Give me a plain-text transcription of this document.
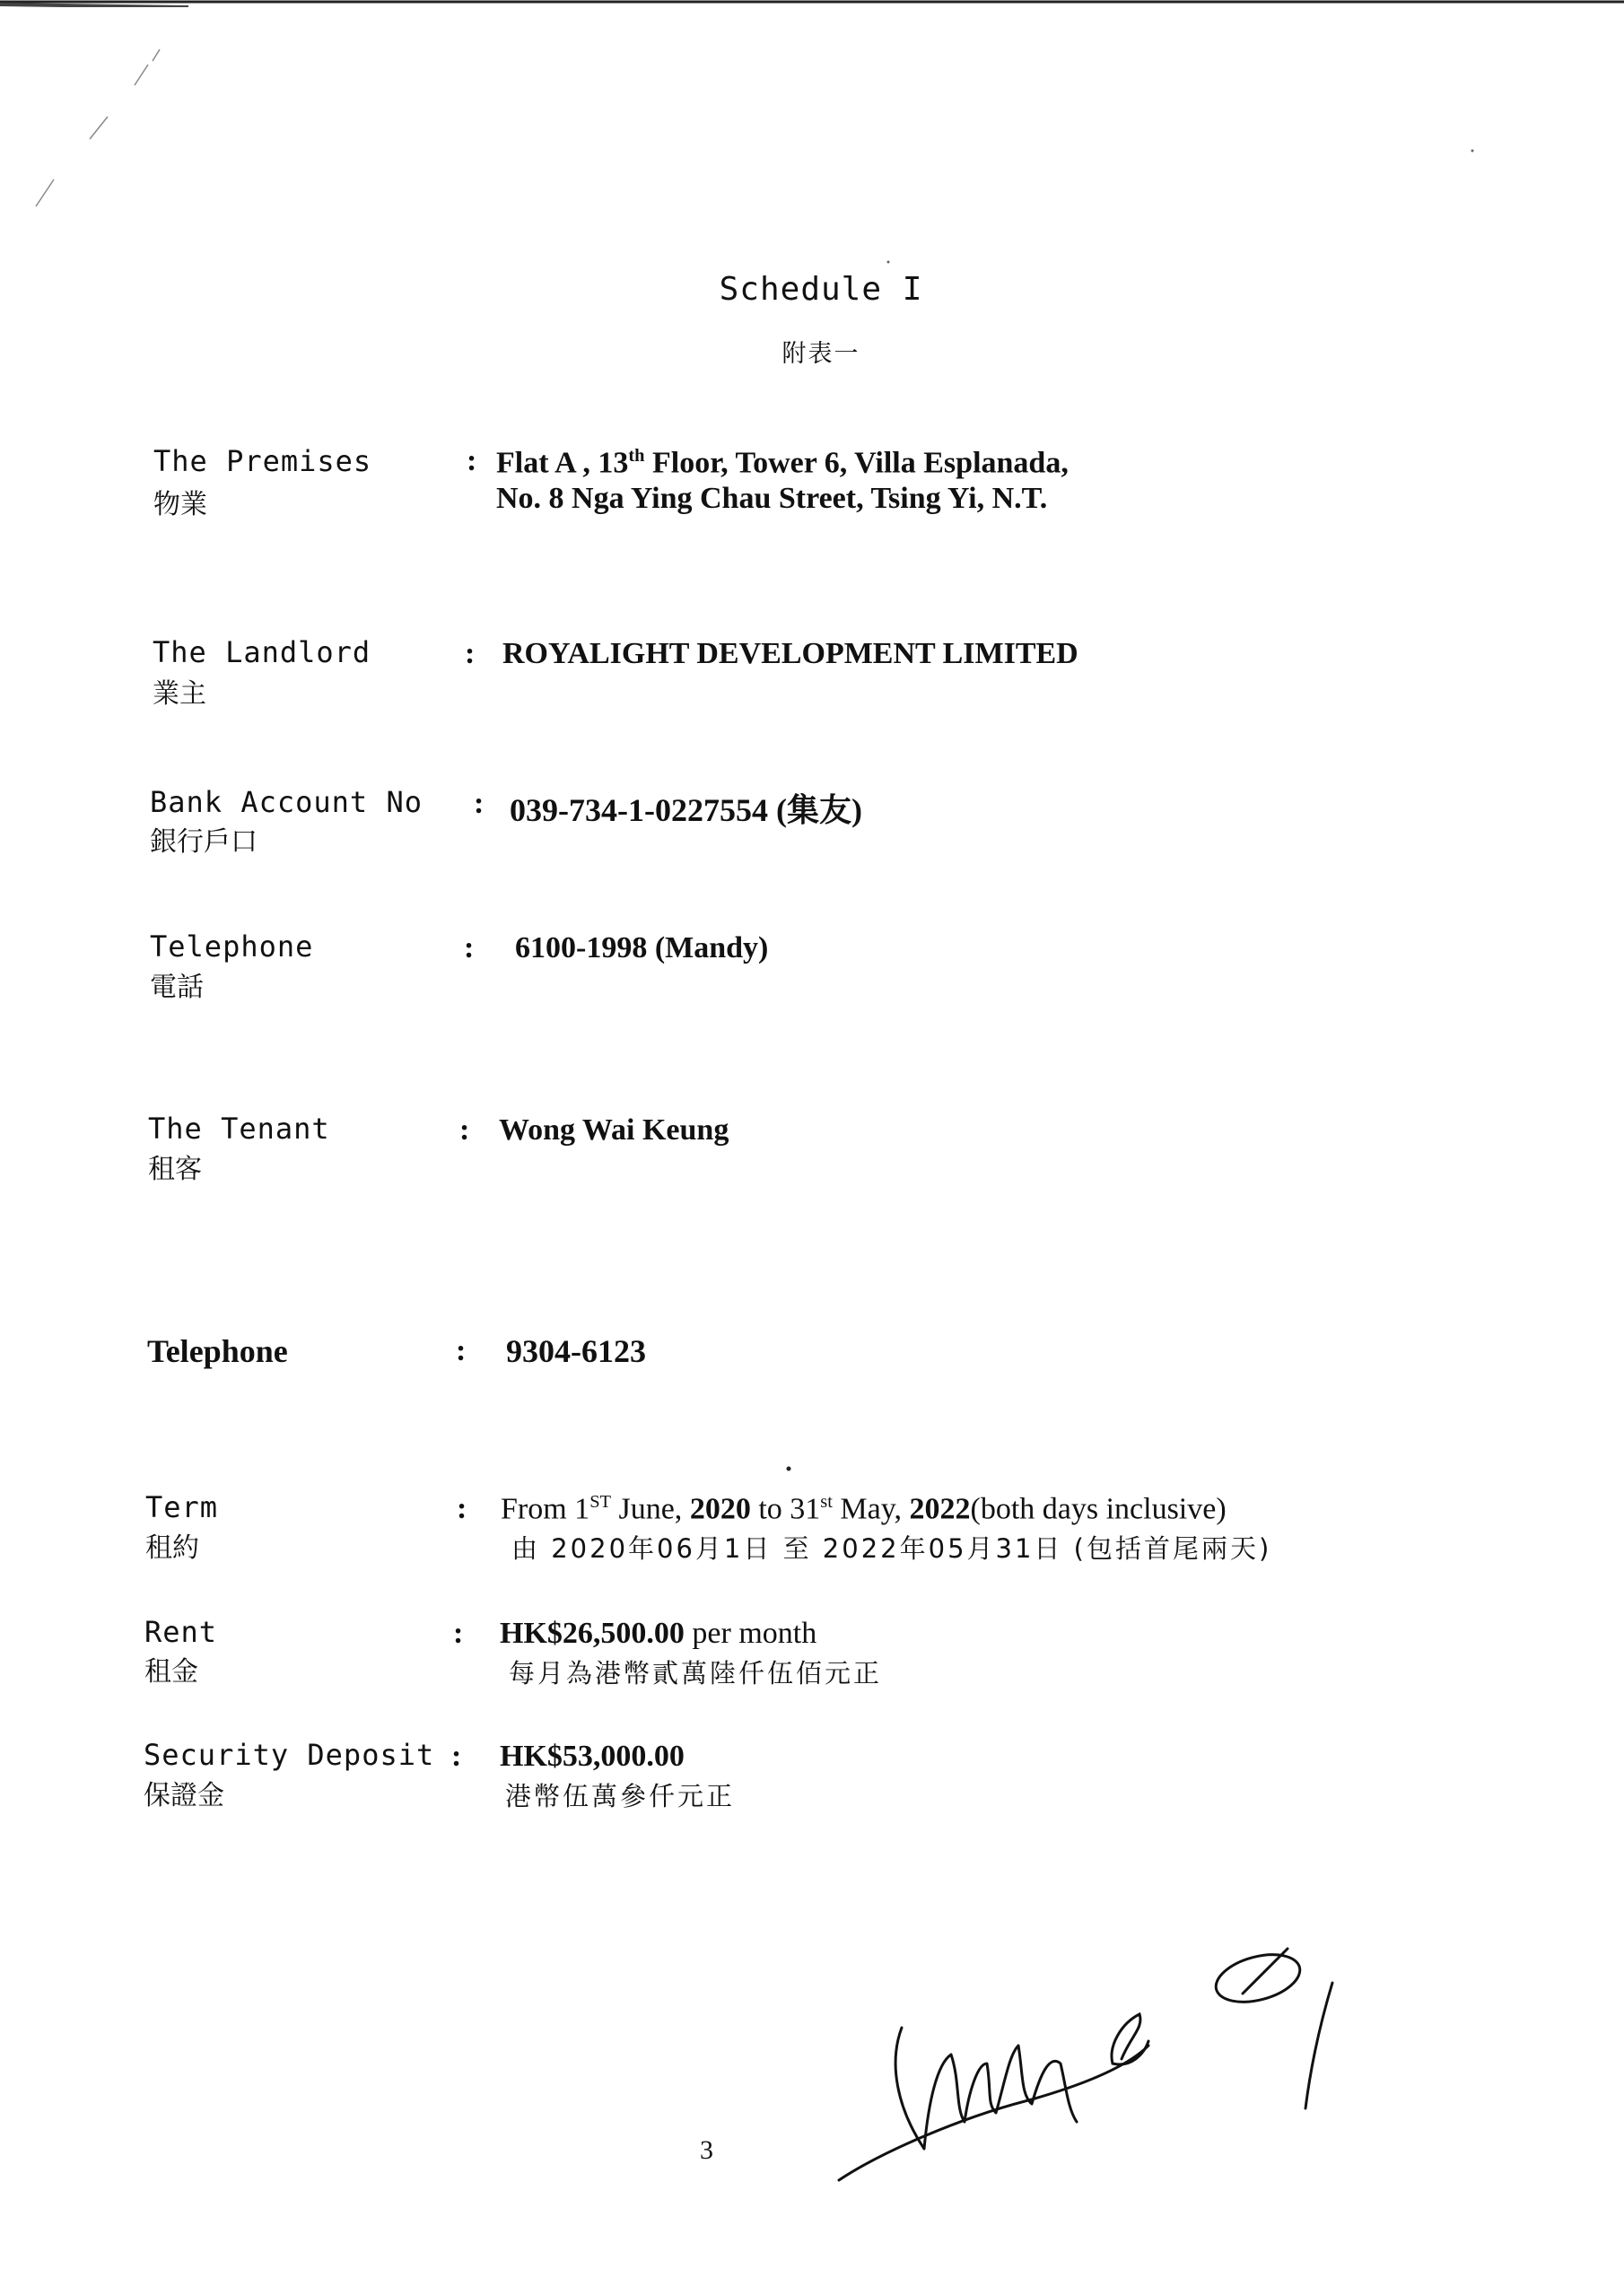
Schedule I
附表一
The Premises
物業
: Flat A , 13th Floor, Tower 6, Villa Esplanada,
No. 8 Nga Ying Chau Street, Tsing Yi, N.T.
The Landlord
業主
: ROYALIGHT DEVELOPMENT LIMITED
Bank Account No
銀行戶口
: 039-734-1-0227554 (集友)
Telephone
電話
: 6100-1998 (Mandy)
The Tenant
租客
: Wong Wai Keung
Telephone	: 9304-6123
Term
租約
: From 1ST June, 2020 to 31st May, 2022(both days inclusive)
由 2020年06月1日 至 2022年05月31日 (包括首尾兩天)
Rent
租金
: HK$26,500.00 per month
每月為港幣貳萬陸仟伍佰元正
Security Deposit
保證金
: HK$53,000.00
港幣伍萬參仟元正
3
